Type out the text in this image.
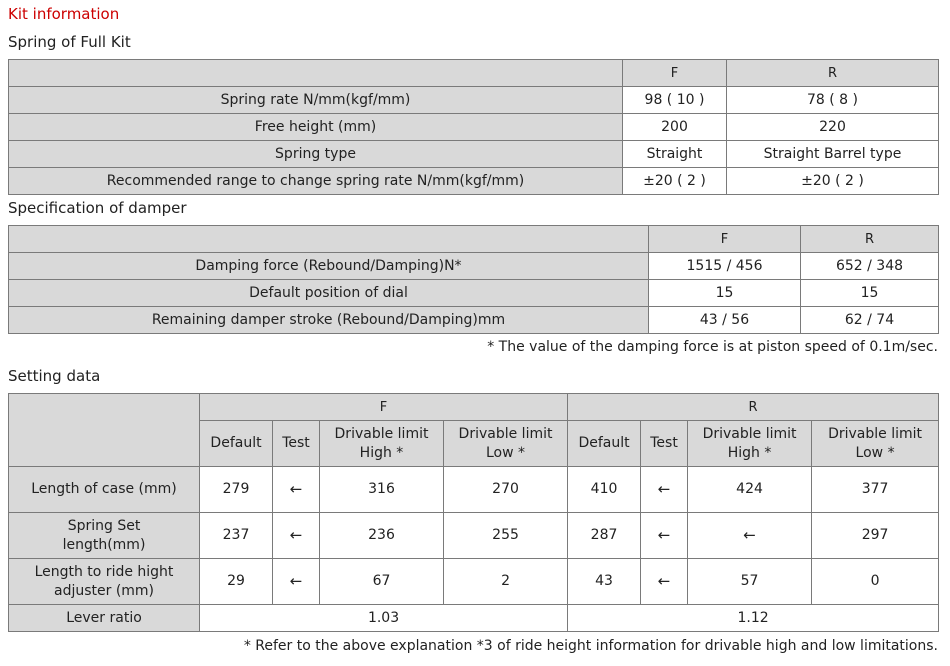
Kit information
Spring of Full Kit
	F	R
Spring rate N/mm(kgf/mm)	98 ( 10 )	78 ( 8 )
Free height (mm)	200	220
Spring type	Straight	Straight Barrel type
Recommended range to change spring rate N/mm(kgf/mm)	±20 ( 2 )	±20 ( 2 )
Specification of damper
	F	R
Damping force (Rebound/Damping)N*	1515 / 456	652 / 348
Default position of dial	15	15
Remaining damper stroke (Rebound/Damping)mm	43 / 56	62 / 74
* The value of the damping force is at piston speed of 0.1m/sec.
Setting data
	F				R			
	Default	Test	Drivable limit High *	Drivable limit Low *	Default	Test	Drivable limit High *	Drivable limit Low *
Length of case (mm)	279	←	316	270	410	←	424	377
Spring Set length(mm)	237	←	236	255	287	←	←	297
Length to ride hight adjuster (mm)	29	←	67	2	43	←	57	0
Lever ratio	1.03				1.12			
* Refer to the above explanation *3 of ride height information for drivable high and low limitations.
